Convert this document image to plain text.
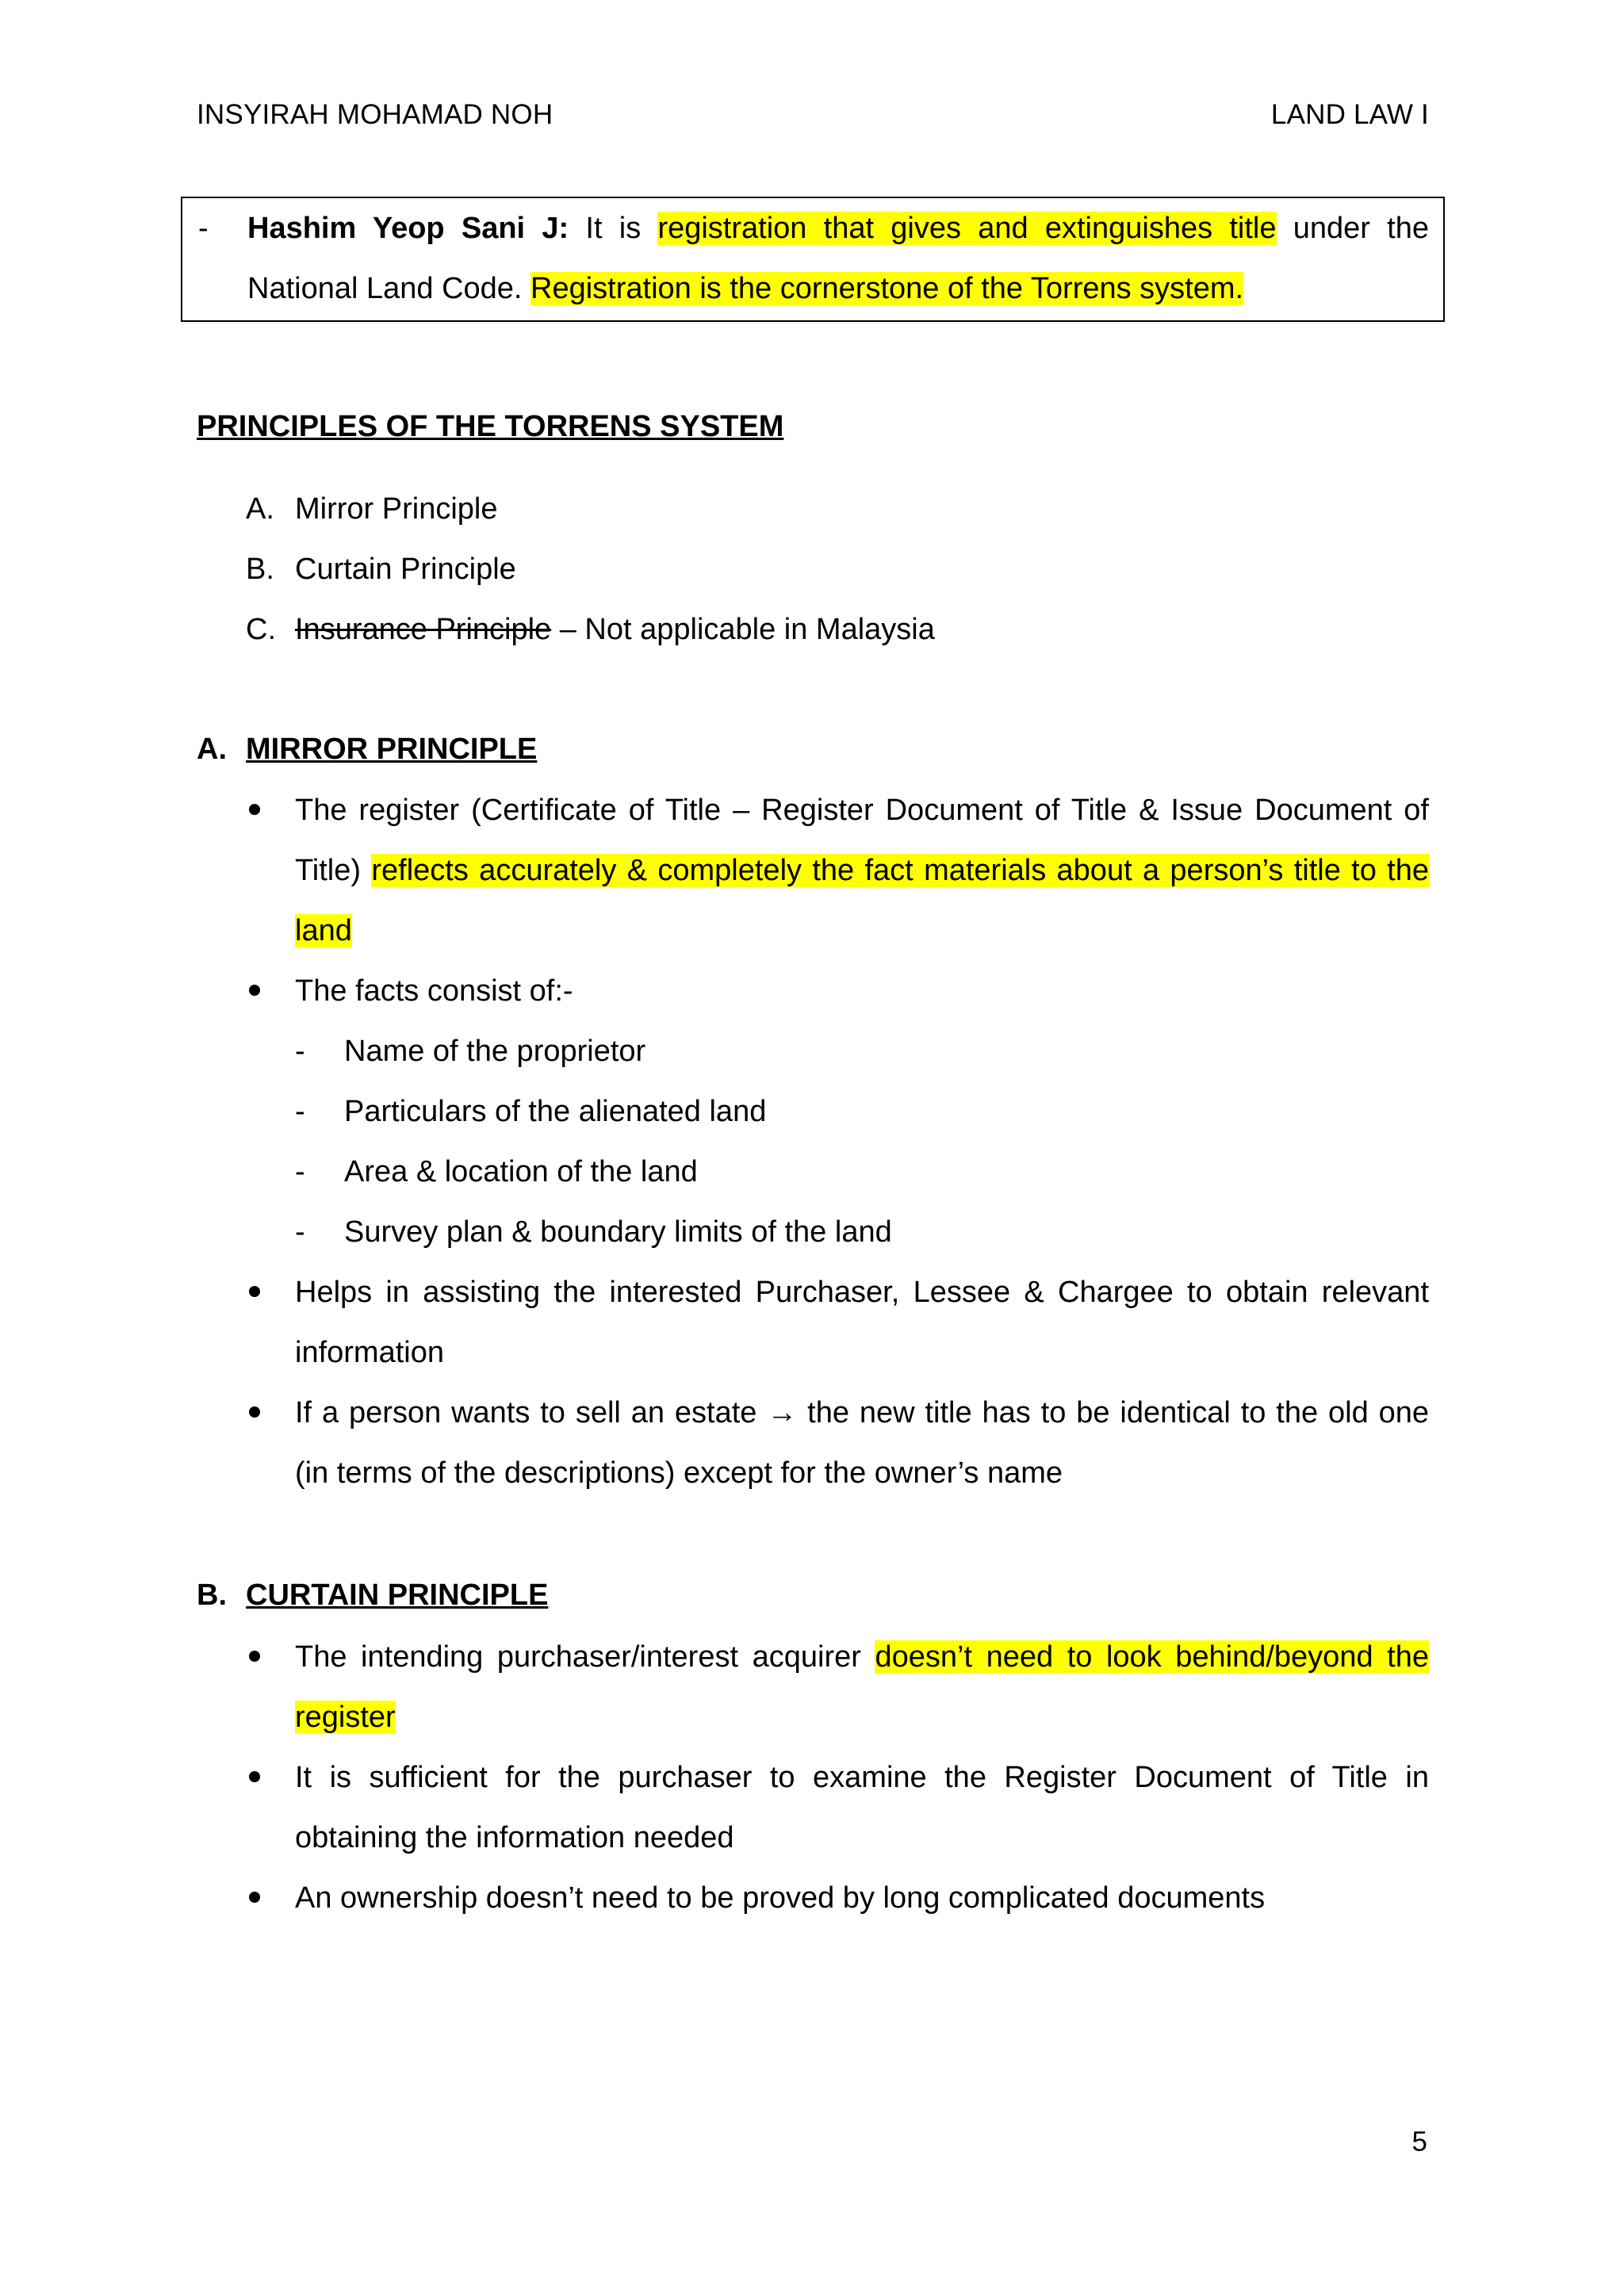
INSYIRAH MOHAMAD NOH	LAND LAW I
- Hashim Yeop Sani J: It is registration that gives and extinguishes title under the National Land Code. Registration is the cornerstone of the Torrens system.
PRINCIPLES OF THE TORRENS SYSTEM
A. Mirror Principle
B. Curtain Principle
C. Insurance Principle – Not applicable in Malaysia
A. MIRROR PRINCIPLE
The register (Certificate of Title – Register Document of Title & Issue Document of Title) reflects accurately & completely the fact materials about a person’s title to the land
The facts consist of:-
- Name of the proprietor
- Particulars of the alienated land
- Area & location of the land
- Survey plan & boundary limits of the land
Helps in assisting the interested Purchaser, Lessee & Chargee to obtain relevant information
If a person wants to sell an estate → the new title has to be identical to the old one (in terms of the descriptions) except for the owner’s name
B. CURTAIN PRINCIPLE
The intending purchaser/interest acquirer doesn’t need to look behind/beyond the register
It is sufficient for the purchaser to examine the Register Document of Title in obtaining the information needed
An ownership doesn’t need to be proved by long complicated documents
5
